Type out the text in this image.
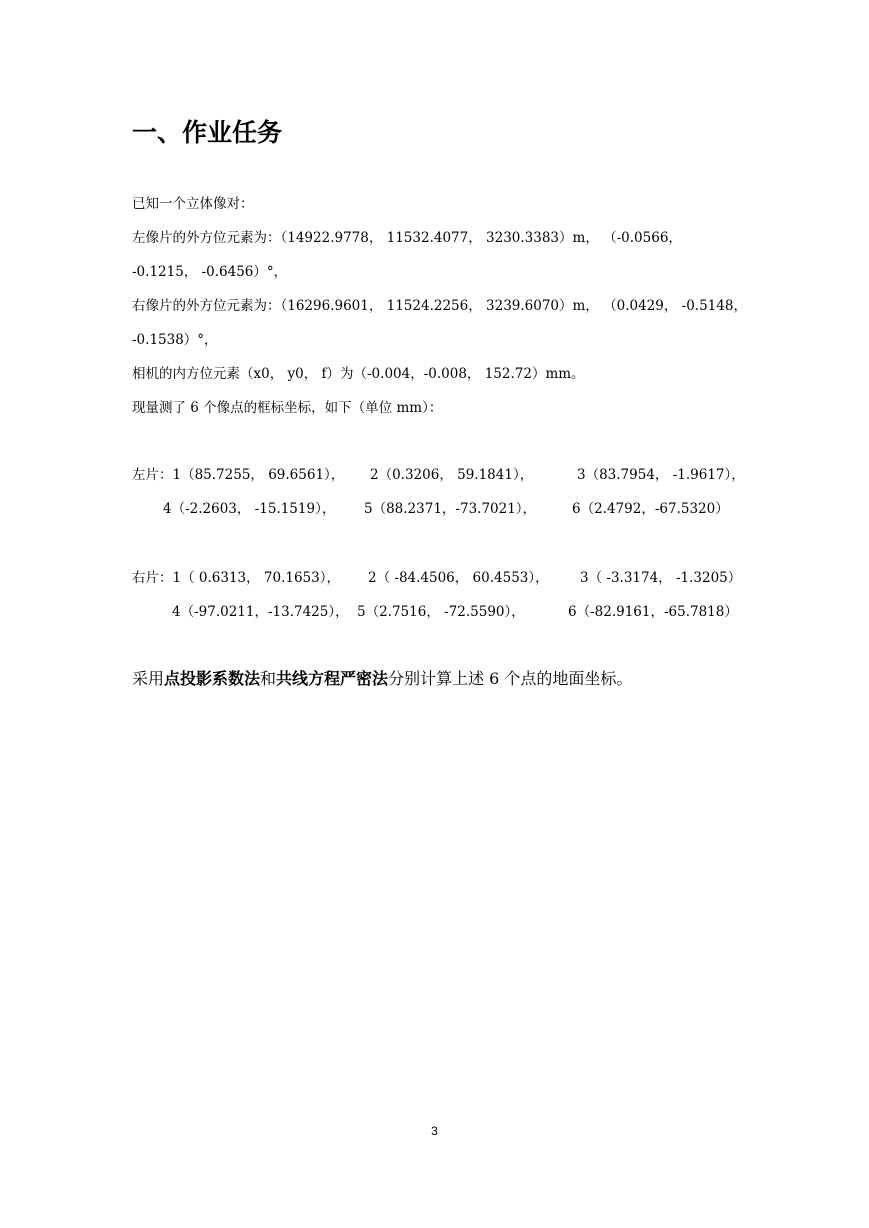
一、作业任务
已知一个立体像对：
左像片的外方位元素为：（14922.9778， 11532.4077， 3230.3383）m， （-0.0566，
-0.1215， -0.6456）°，
右像片的外方位元素为：（16296.9601， 11524.2256， 3239.6070）m， （0.0429， -0.5148，
-0.1538）°，
相机的内方位元素（x0， y0， f）为（-0.004，-0.008， 152.72）mm。
现量测了 6 个像点的框标坐标，如下（单位 mm）：
左片：1（85.7255， 69.6561）， 2（0.3206， 59.1841），	3（83.7954， -1.9617），
4（-2.2603， -15.1519）， 5（88.2371，-73.7021），	6（2.4792，-67.5320）
右片：1（ 0.6313， 70.1653）， 2（ -84.4506， 60.4553）， 3（ -3.3174， -1.3205）
4（-97.0211，-13.7425）， 5（2.7516， -72.5590），	6（-82.9161，-65.7818）
采用点投影系数法和共线方程严密法分别计算上述 6 个点的地面坐标。
3
